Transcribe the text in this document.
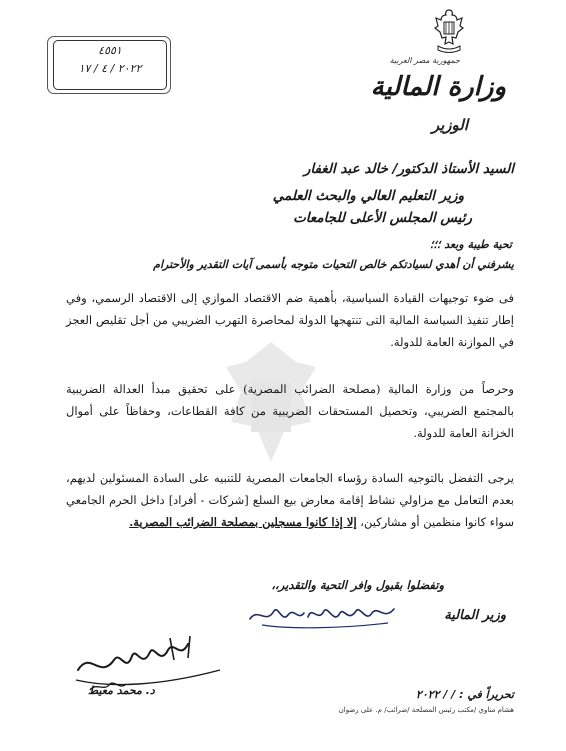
جمهورية مصر العربية
وزارة المالية
الوزير
٤٥٥١
٢٠٢٢ / ٤ / ١٧
السيد الأستاذ الدكتور/ خالد عبد الغفار
وزير التعليم العالي والبحث العلمي
رئيس المجلس الأعلى للجامعات
تحية طيبة وبعد ؛؛؛
يشرفني أن أهدي لسيادتكم خالص التحيات متوجه بأسمى آيات التقدير والأحترام
فى ضوء توجيهات القيادة السياسية، بأهمية ضم الاقتصاد الموازي إلى الاقتصاد الرسمي، وفي إطار تنفيذ السياسة المالية التى تنتهجها الدولة لمحاصرة التهرب الضريبي من أجل تقليص العجز في الموازنة العامة للدولة.
وحرصاً من وزارة المالية (مصلحة الضرائب المصرية) على تحقيق مبدأ العدالة الضريبية بالمجتمع الضريبي، وتحصيل المستحقات الضريبية من كافة القطاعات، وحفاظاً على أموال الخزانة العامة للدولة.
يرجى التفضل بالتوجيه السادة رؤساء الجامعات المصرية للتنبيه على السادة المسئولين لديهم، بعدم التعامل مع مزاولي نشاط إقامة معارض بيع السلع [شركات - أفراد] داخل الحرم الجامعي سواء كانوا منظمين أو مشاركين، إلا إذا كانوا مسجلين بمصلحة الضرائب المصرية.
وتفضلوا بقبول وافر التحية والتقدير،،
وزير المالية
د. محمد معيط	تحريراً في : / / ٢٠٢٢
هشام مناوي /مكتب رئيس المصلحة /ضرائب/ م. على رضوان
